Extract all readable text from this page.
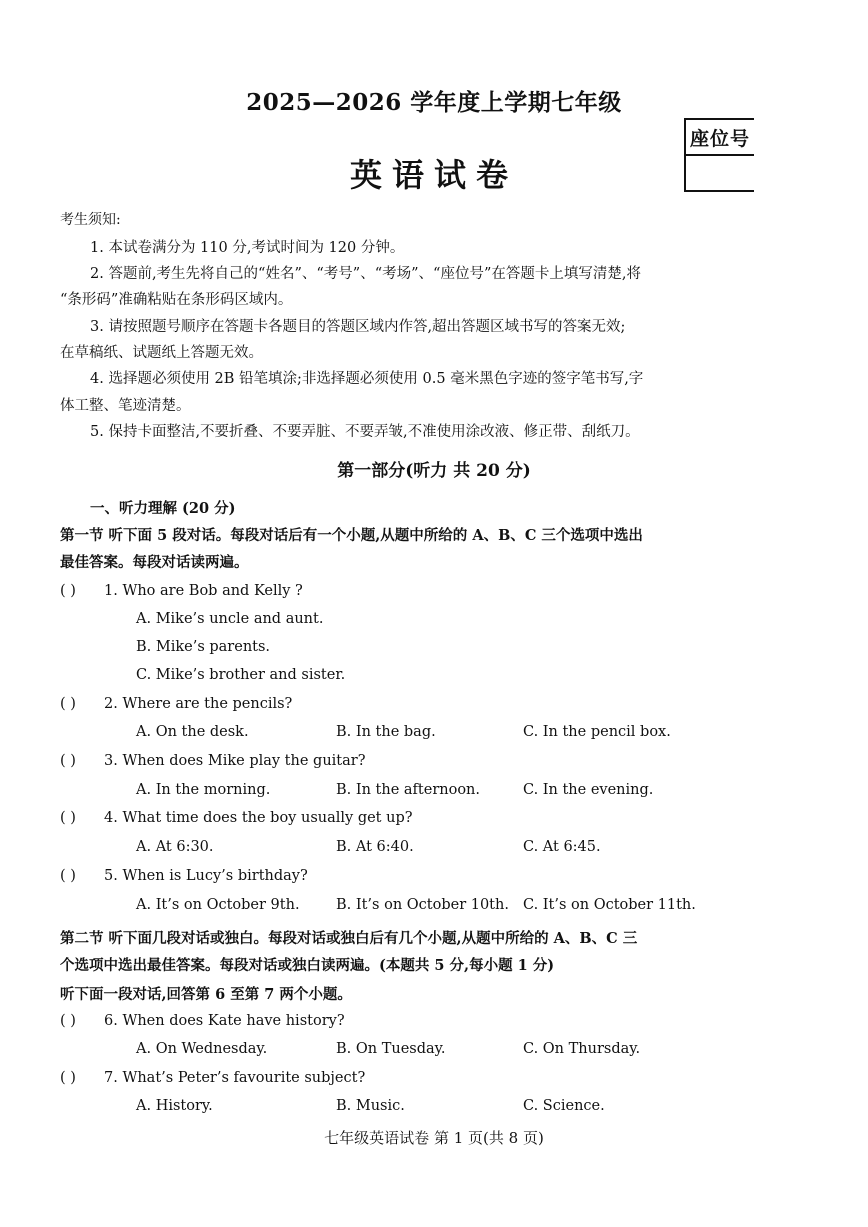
2025—2026 学年度上学期七年级
英语试卷
座位号
考生须知:
1. 本试卷满分为 110 分,考试时间为 120 分钟。
2. 答题前,考生先将自己的“姓名”、“考号”、“考场”、“座位号”在答题卡上填写清楚,将
“条形码”准确粘贴在条形码区域内。
3. 请按照题号顺序在答题卡各题目的答题区域内作答,超出答题区域书写的答案无效;
在草稿纸、试题纸上答题无效。
4. 选择题必须使用 2B 铅笔填涂;非选择题必须使用 0.5 毫米黑色字迹的签字笔书写,字
体工整、笔迹清楚。
5. 保持卡面整洁,不要折叠、不要弄脏、不要弄皱,不准使用涂改液、修正带、刮纸刀。
第一部分(听力 共 20 分)
一、听力理解 (20 分)
第一节 听下面 5 段对话。每段对话后有一个小题,从题中所给的 A、B、C 三个选项中选出
最佳答案。每段对话读两遍。
( ) 1. Who are Bob and Kelly ?
A. Mike’s uncle and aunt.
B. Mike’s parents.
C. Mike’s brother and sister.
( ) 2. Where are the pencils?
A. On the desk.	B. In the bag.	C. In the pencil box.
( ) 3. When does Mike play the guitar?
A. In the morning.	B. In the afternoon.	C. In the evening.
( ) 4. What time does the boy usually get up?
A. At 6:30.	B. At 6:40.	C. At 6:45.
( ) 5. When is Lucy’s birthday?
A. It’s on October 9th.	B. It’s on October 10th. C. It’s on October 11th.
第二节 听下面几段对话或独白。每段对话或独白后有几个小题,从题中所给的 A、B、C 三
个选项中选出最佳答案。每段对话或独白读两遍。(本题共 5 分,每小题 1 分)
听下面一段对话,回答第 6 至第 7 两个小题。
( ) 6. When does Kate have history?
A. On Wednesday.	B. On Tuesday.	C. On Thursday.
( ) 7. What’s Peter’s favourite subject?
A. History.	B. Music.	C. Science.
七年级英语试卷 第 1 页(共 8 页)
